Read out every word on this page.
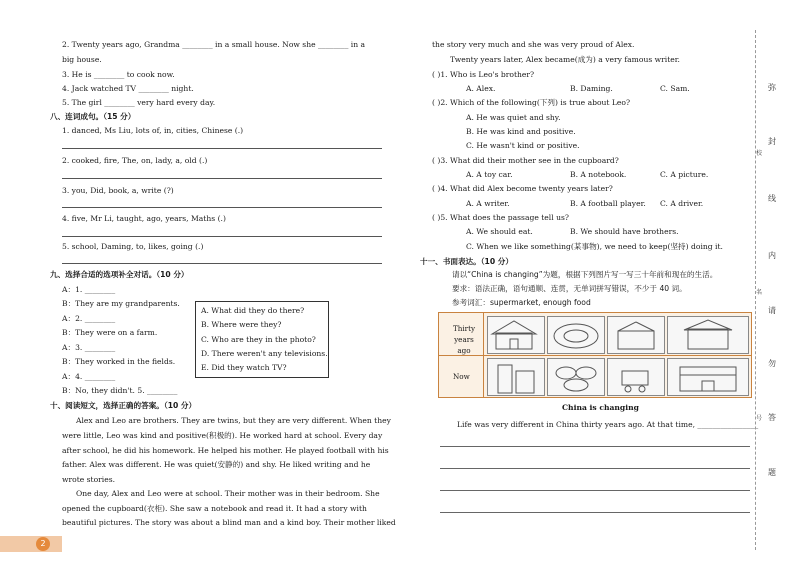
2. Twenty years ago, Grandma ________ in a small house. Now she ________ in a
big house.
3. He is ________ to cook now.
4. Jack watched TV ________ night.
5. The girl ________ very hard every day.
八、连词成句。（15 分）
1. danced, Ms Liu, lots of, in, cities, Chinese (.)
2. cooked, fire, The, on, lady, a, old (.)
3. you, Did, book, a, write (?)
4. five, Mr Li, taught, ago, years, Maths (.)
5. school, Daming, to, likes, going (.)
九、选择合适的选项补全对话。（10 分）
A：1. ________
B：They are my grandparents.
A：2. ________
B：They were on a farm.
A：3. ________
B：They worked in the fields.
A：4. ________
B：No, they didn't. 5. ________
A. What did they do there?
B. Where were they?
C. Who are they in the photo?
D. There weren't any televisions.
E. Did they watch TV?
十、阅读短文，选择正确的答案。（10 分）
Alex and Leo are brothers. They are twins, but they are very different. When they
were little, Leo was kind and positive(积极的). He worked hard at school. Every day
after school, he did his homework. He helped his mother. He played football with his
father. Alex was different. He was quiet(安静的) and shy. He liked writing and he
wrote stories.
One day, Alex and Leo were at school. Their mother was in their bedroom. She
opened the cupboard(衣柜). She saw a notebook and read it. It had a story with
beautiful pictures. The story was about a blind man and a kind boy. Their mother liked
2
the story very much and she was very proud of Alex.
Twenty years later, Alex became(成为) a very famous writer.
( )1. Who is Leo's brother?
A. Alex.	B. Daming.	C. Sam.
( )2. Which of the following(下列) is true about Leo?
A. He was quiet and shy.
B. He was kind and positive.
C. He wasn't kind or positive.
( )3. What did their mother see in the cupboard?
A. A toy car.	B. A notebook.	C. A picture.
( )4. What did Alex become twenty years later?
A. A writer.	B. A football player. C. A driver.
( )5. What does the passage tell us?
A. We should eat.	B. We should have brothers.
C. When we like something(某事物), we need to keep(坚持) doing it.
十一、书面表达。（10 分）
请以“China is changing”为题，根据下列图片写一写三十年前和现在的生活。
要求：语法正确，语句通顺、连贯，无单词拼写错误，不少于 40 词。
参考词汇：supermarket, enough food
Thirty years ago
Now
China is changing
Life was very different in China thirty years ago. At that time, ________________
弥
封
线
内
请
勿
答
题
校
名
号
